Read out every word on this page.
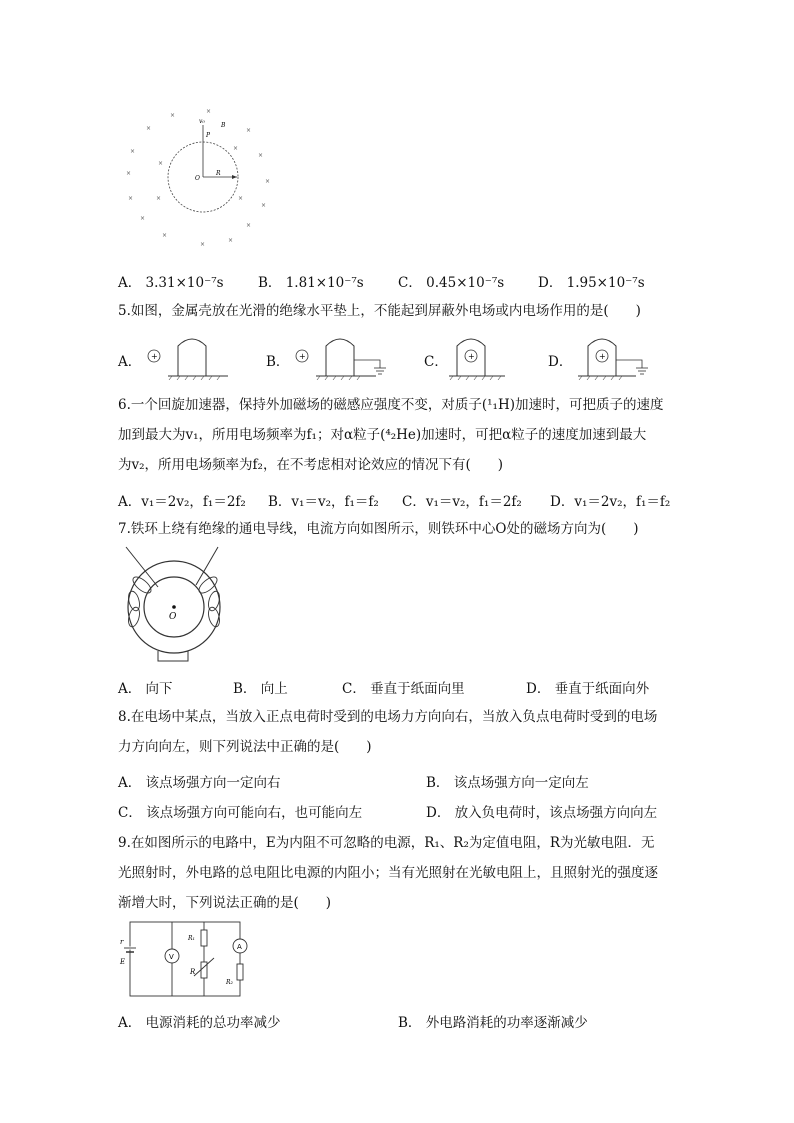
×
×
×	×
×
×
×
×
×
×
×
×
×
×
×
×
×
×	×
v₀
P
B
O
R
A． 3.31×10⁻⁷s	B． 1.81×10⁻⁷s	C． 0.45×10⁻⁷s	D． 1.95×10⁻⁷s
5.如图，金属壳放在光滑的绝缘水平垫上，不能起到屏蔽外电场或内电场作用的是(　　)
A． +	B． +	C．	+	D．	+
6.一个回旋加速器，保持外加磁场的磁感应强度不变，对质子(¹₁H)加速时，可把质子的速度
加到最大为v₁，所用电场频率为f₁；对α粒子(⁴₂He)加速时，可把α粒子的速度加速到最大
为v₂，所用电场频率为f₂，在不考虑相对论效应的情况下有(　　)
A．v₁＝2v₂，f₁＝2f₂ B．v₁＝v₂，f₁＝f₂ C．v₁＝v₂，f₁＝2f₂ D．v₁＝2v₂，f₁＝f₂
7.铁环上绕有绝缘的通电导线，电流方向如图所示，则铁环中心O处的磁场方向为(　　)
O
A． 向下	B． 向上	C． 垂直于纸面向里	D． 垂直于纸面向外
8.在电场中某点，当放入正点电荷时受到的电场力方向向右，当放入负点电荷时受到的电场
力方向向左，则下列说法中正确的是(　　)
A． 该点场强方向一定向右	B． 该点场强方向一定向左
C． 该点场强方向可能向右，也可能向左	D． 放入负电荷时，该点场强方向向左
9.在如图所示的电路中，E为内阻不可忽略的电源，R₁、R₂为定值电阻，R为光敏电阻．无
光照射时，外电路的总电阻比电源的内阻小；当有光照射在光敏电阻上，且照射光的强度逐
渐增大时，下列说法正确的是(　　)
V
A
r
E
R₁
R
R₂
A． 电源消耗的总功率减少	B． 外电路消耗的功率逐渐减少
